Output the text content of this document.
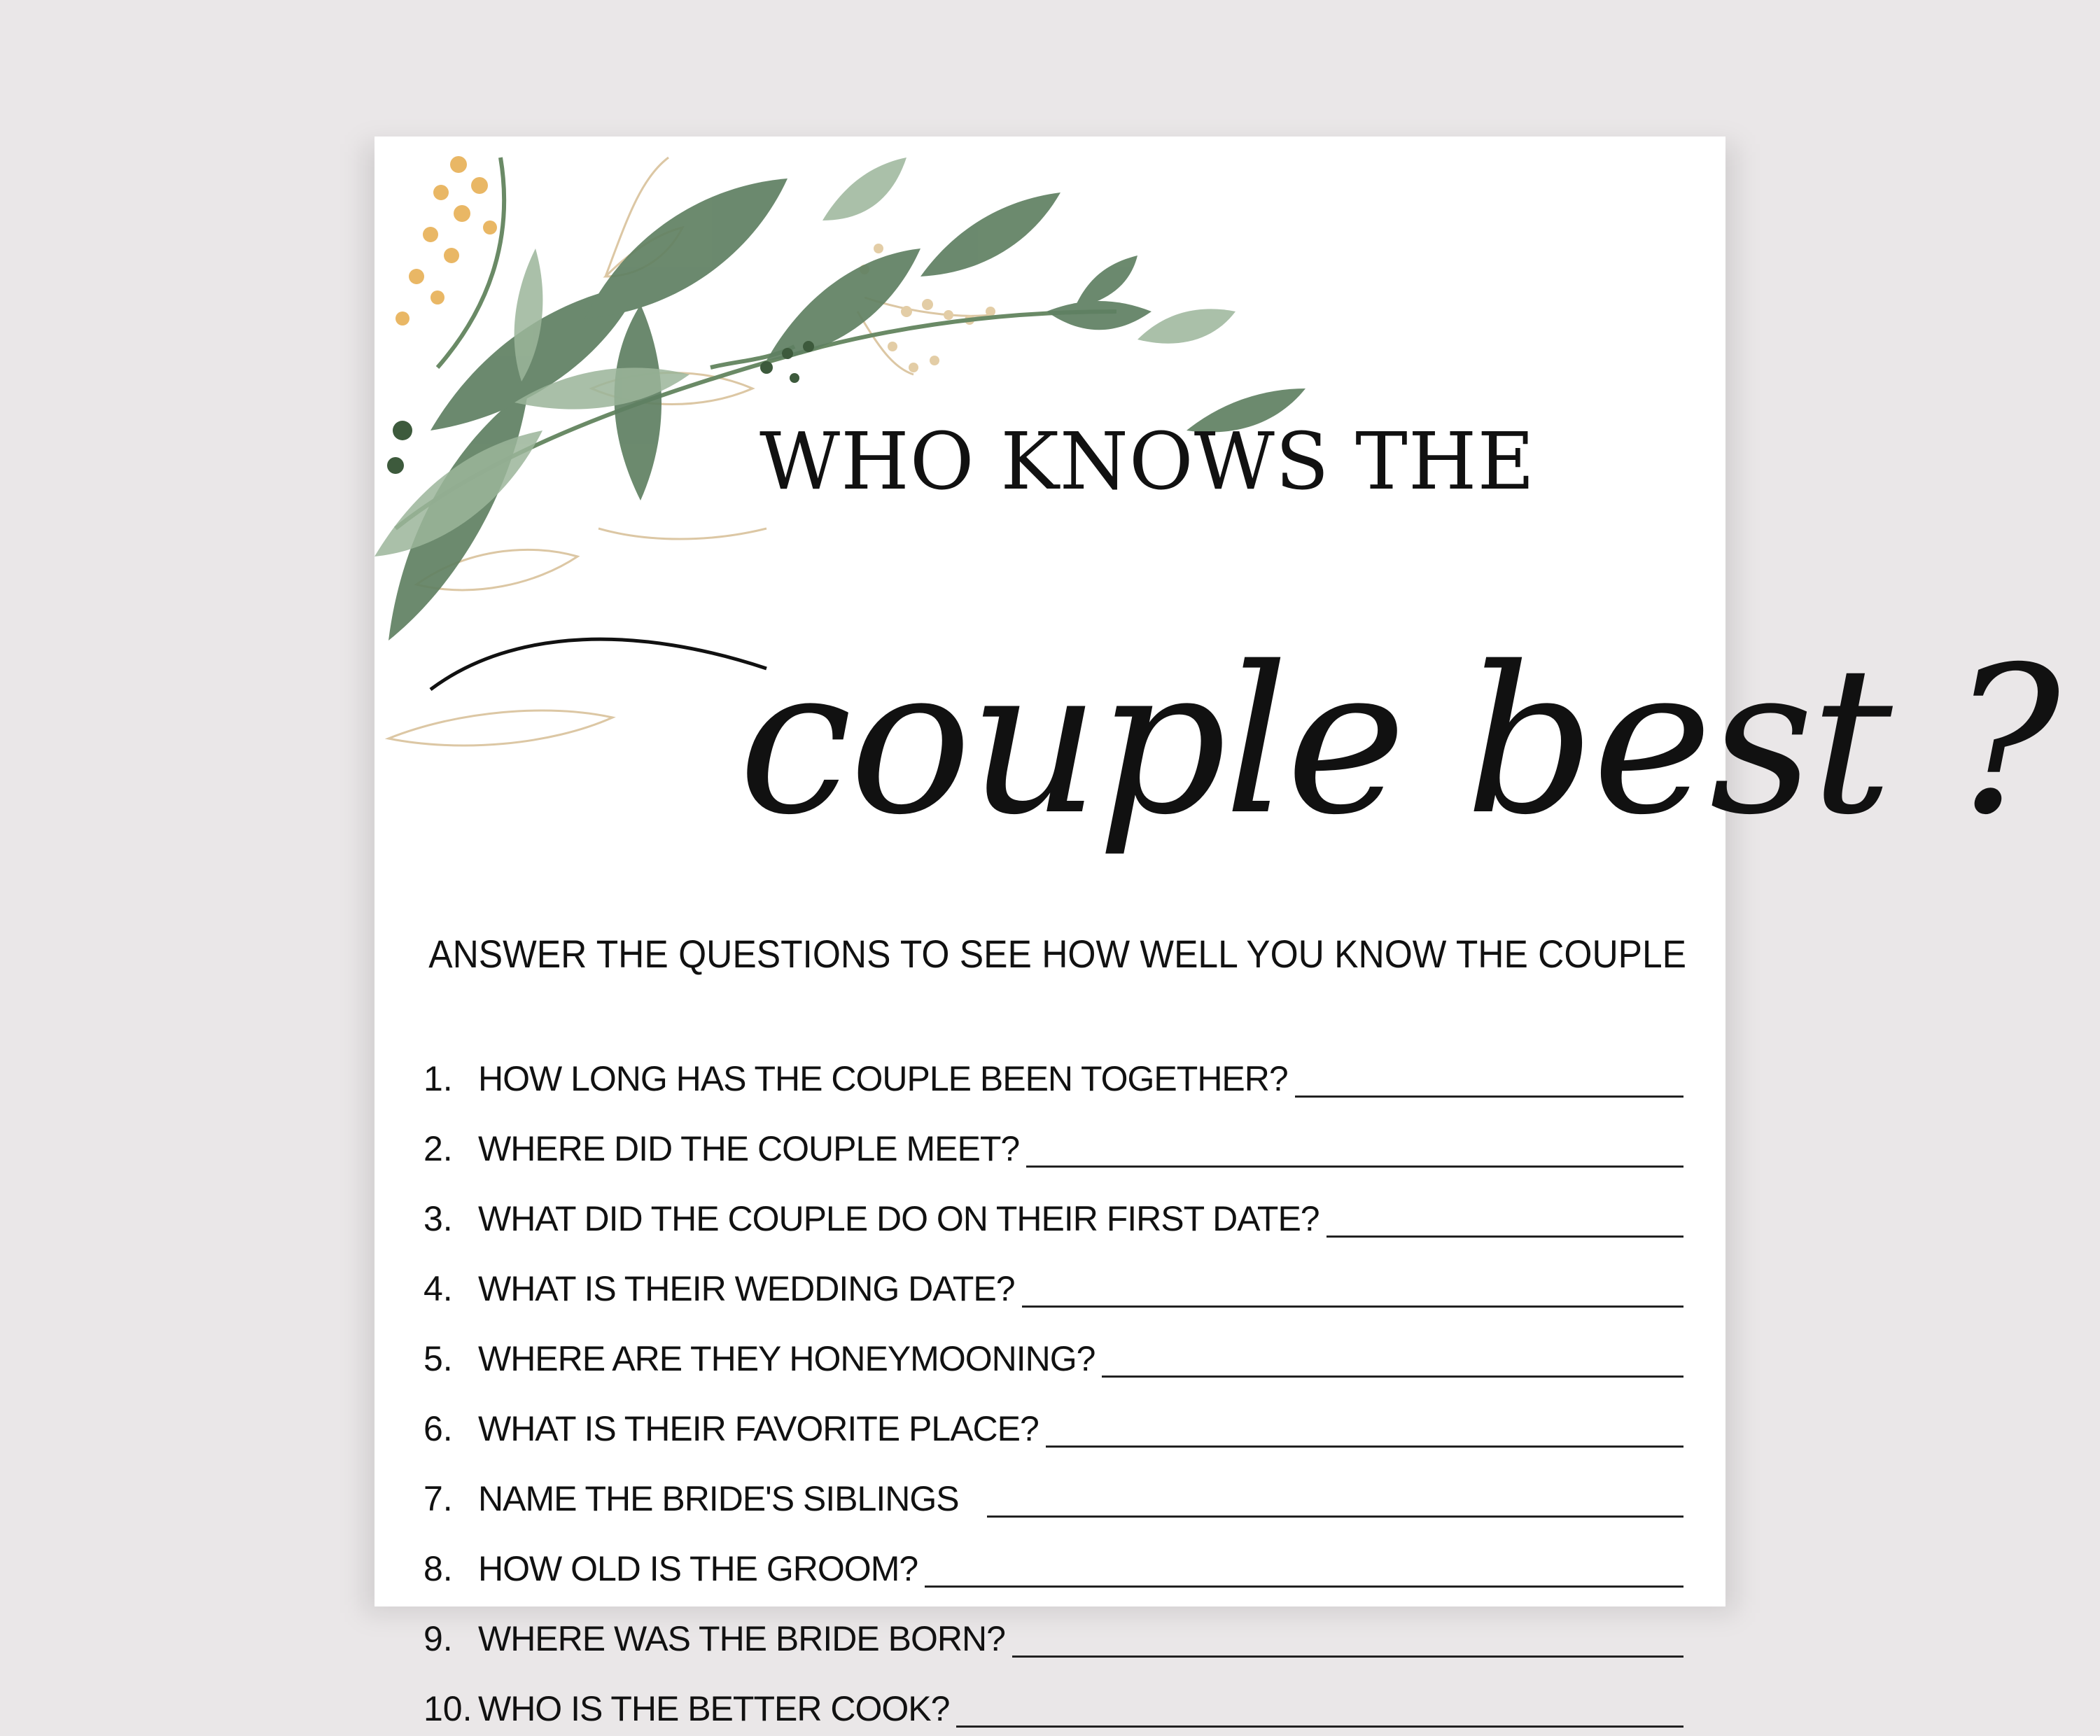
WHO KNOWS THE
couple best ?
ANSWER THE QUESTIONS TO SEE HOW WELL YOU KNOW THE COUPLE
1. HOW LONG HAS THE COUPLE BEEN TOGETHER?
2. WHERE DID THE COUPLE MEET?
3. WHAT DID THE COUPLE DO ON THEIR FIRST DATE?
4. WHAT IS THEIR WEDDING DATE?
5. WHERE ARE THEY HONEYMOONING?
6. WHAT IS THEIR FAVORITE PLACE?
7. NAME THE BRIDE'S SIBLINGS
8. HOW OLD IS THE GROOM?
9. WHERE WAS THE BRIDE BORN?
10. WHO IS THE BETTER COOK?
